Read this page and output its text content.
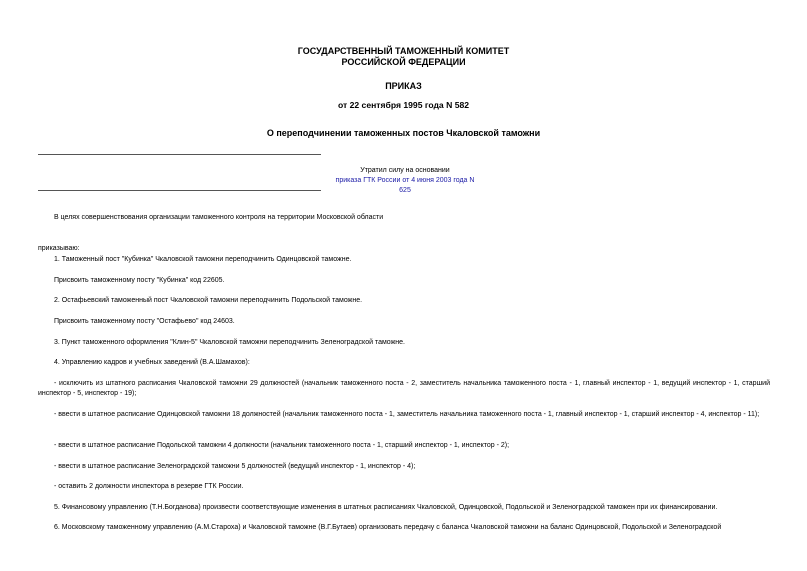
ГОСУДАРСТВЕННЫЙ ТАМОЖЕННЫЙ КОМИТЕТ
РОССИЙСКОЙ ФЕДЕРАЦИИ
ПРИКАЗ
от 22 сентября 1995 года N 582
О переподчинении таможенных постов Чкаловской таможни
Утратил силу на основании
приказа ГТК России от 4 июня 2003 года N 625
В целях совершенствования организации таможенного контроля на территории Московской области
приказываю:
1. Таможенный пост "Кубинка" Чкаловской таможни переподчинить Одинцовской таможне.
Присвоить таможенному посту "Кубинка" код 22605.
2. Остафьевский таможенный пост Чкаловской таможни переподчинить Подольской таможне.
Присвоить таможенному посту "Остафьево" код 24603.
3. Пункт таможенного оформления "Клин-5" Чкаловской таможни переподчинить Зеленоградской таможне.
4. Управлению кадров и учебных заведений (В.А.Шамахов):
- исключить из штатного расписания Чкаловской таможни 29 должностей (начальник таможенного поста - 2, заместитель начальника таможенного поста - 1, главный инспектор - 1, ведущий инспектор - 1, старший инспектор - 5, инспектор - 19);
- ввести в штатное расписание Одинцовской таможни 18 должностей (начальник таможенного поста - 1, заместитель начальника таможенного поста - 1, главный инспектор - 1, старший инспектор - 4, инспектор - 11);
- ввести в штатное расписание Подольской таможни 4 должности (начальник таможенного поста - 1, старший инспектор - 1, инспектор - 2);
- ввести в штатное расписание Зеленоградской таможни 5 должностей (ведущий инспектор - 1, инспектор - 4);
- оставить 2 должности инспектора в резерве ГТК России.
5. Финансовому управлению (Т.Н.Богданова) произвести соответствующие изменения в штатных расписаниях Чкаловской, Одинцовской, Подольской и Зеленоградской таможен при их финансировании.
6. Московскому таможенному управлению (А.М.Староха) и Чкаловской таможне (В.Г.Бутаев) организовать передачу с баланса Чкаловской таможни на баланс Одинцовской, Подольской и Зеленоградской
